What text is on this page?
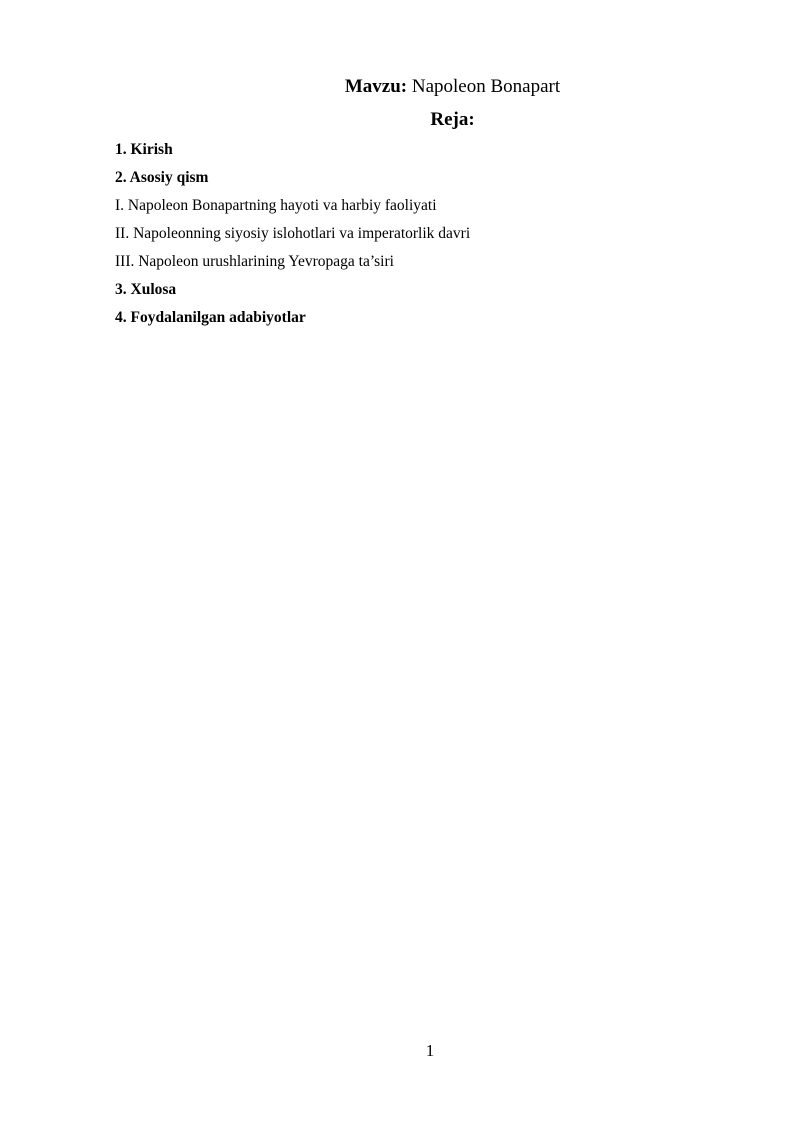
Mavzu: Napoleon Bonapart
Reja:
1. Kirish
2. Asosiy qism
I. Napoleon Bonapartning hayoti va harbiy faoliyati
II. Napoleonning siyosiy islohotlari va imperatorlik davri
III. Napoleon urushlarining Yevropaga ta’siri
3. Xulosa
4. Foydalanilgan adabiyotlar
1
